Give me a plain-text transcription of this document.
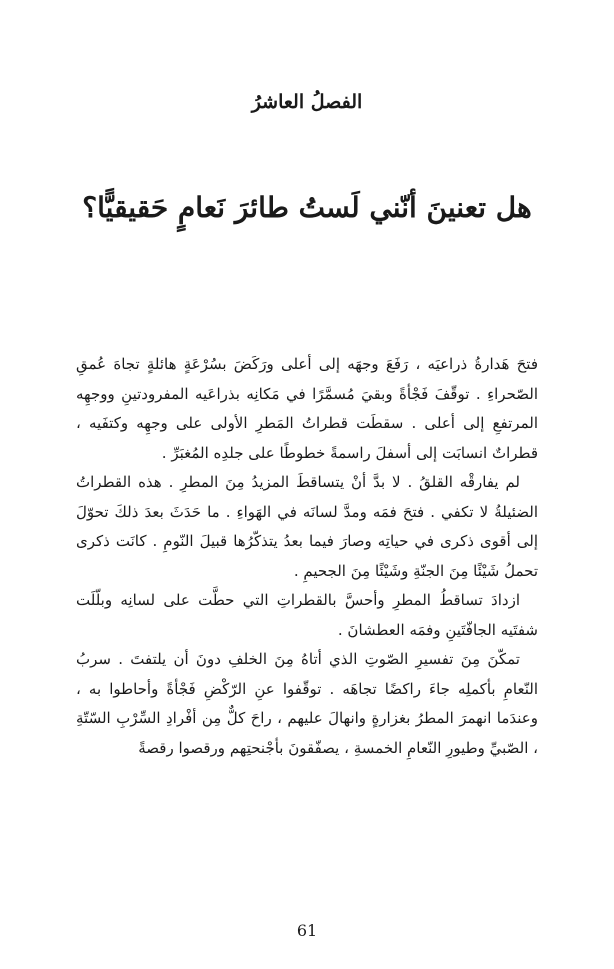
الفصلُ العاشرُ
هل تعنينَ أنّني لَستُ طائرَ نَعامٍ حَقيقيًّا؟

فتحَ هَدارةُ ذراعيَه ، رَفَعَ وجهَه إلى أعلى ورَكَضَ بسُرْعَةٍ هائلةٍ تجاهَ عُمقِ الصّحراءِ . توقّفَ فَجْأةً وبقيَ مُسمَّرًا في مَكانِه بذراعَيه المفرودتينِ ووجهِه المرتفعِ إلى أعلى . سقطَت قطراتُ المَطرِ الأولى على وجهِه وكتفَيه ، قطراتٌ انسابَت إلى أسفلَ راسمةً خطوطًا على جلدِه المُغبَرِّ .

لم يفارقْه القلقُ . لا بدَّ أنْ يتساقطَ المزيدُ مِنَ المطرِ . هذه القطراتُ الضئيلةُ لا تكفي . فتحَ فمَه ومدَّ لسانَه في الهَواءِ . ما حَدَثَ بعدَ ذلكَ تحوّلَ إلى أقوى ذكرى في حياتِه وصارَ فيما بعدُ يتذكّرُها قبيلَ النّومِ . كانَت ذكرى تحملُ شَيْئًا مِنَ الجنّةِ وشَيْئًا مِنَ الجحيمِ .

ازدادَ تساقطُ المطرِ وأحسَّ بالقطراتِ التي حطَّت على لسانِه وبلّلَت شفتَيه الجافّتَينِ وفمَه العطشانَ .

تمكّنَ مِنَ تفسيرِ الصّوتِ الذي أتاهُ مِنَ الخلفِ دونَ أن يلتفتَ . سربُ النّعامِ بأكملِه جاءَ راكضًا تجاهَه . توقّفوا عنِ الرّكْضِ فَجْأةً وأحاطوا به ، وعندَما انهمرَ المطرُ بغزارةٍ وانهالَ عليهم ، راحَ كلٌّ مِن أفْرادِ السِّرْبِ السّتّةِ ، الصّبيِّ وطيورِ النّعامِ الخمسةِ ، يصفّقونَ بأجْنحتِهم ورقصوا رقصةً

61
